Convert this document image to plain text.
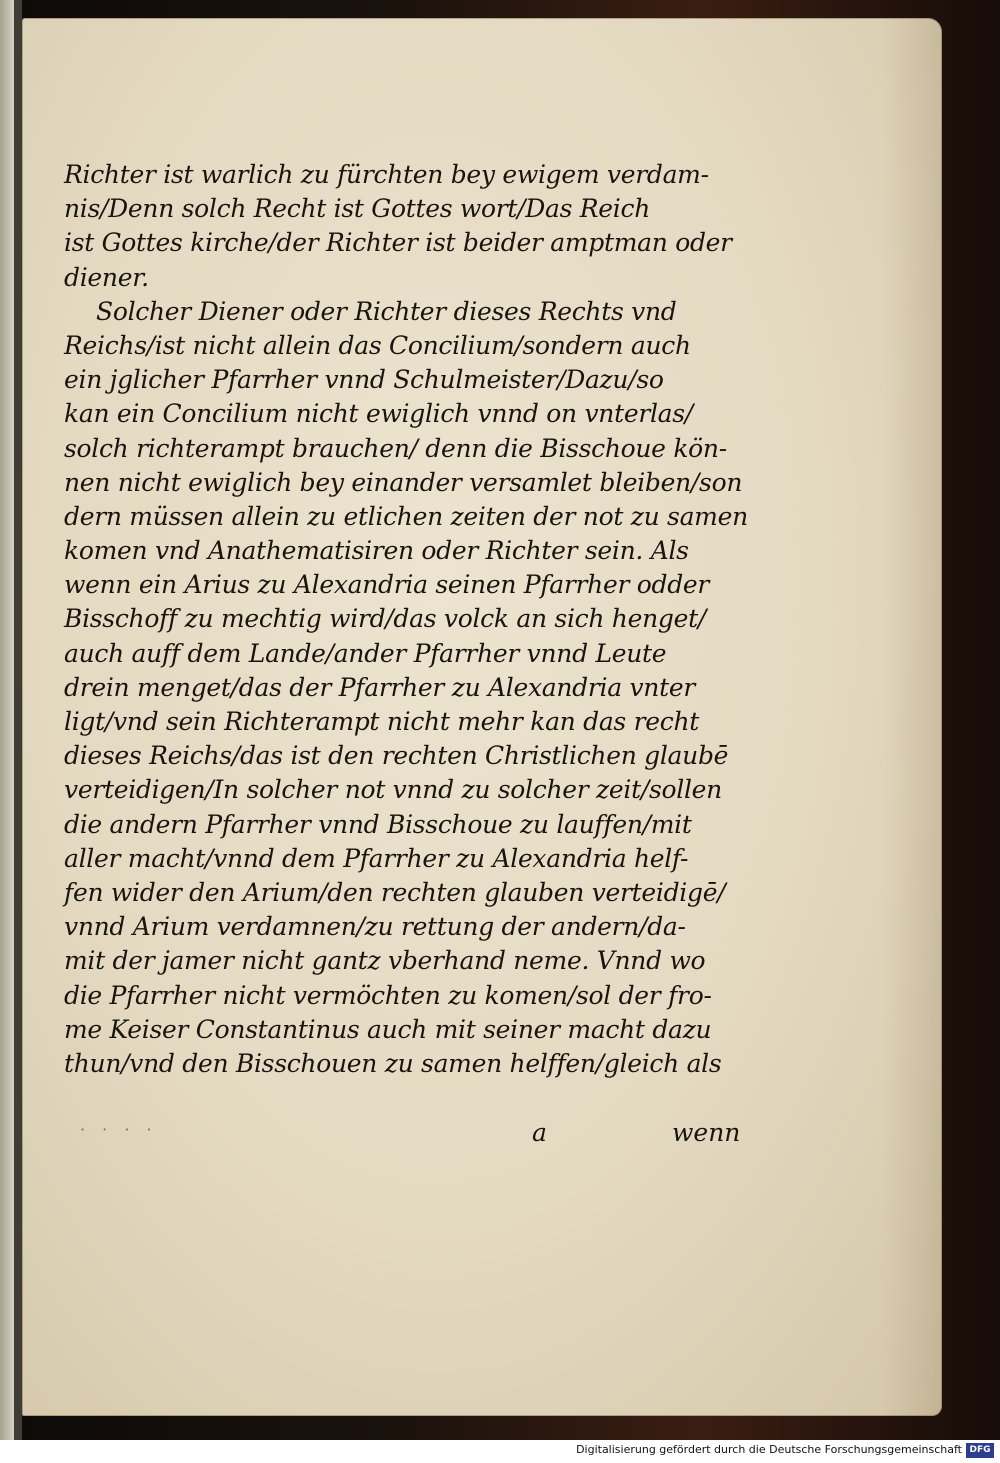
Richter ist warlich zu fürchten bey ewigem verdam-
nis/Denn solch Recht ist Gottes wort/Das Reich
ist Gottes kirche/der Richter ist beider amptman oder
diener.
Solcher Diener oder Richter dieses Rechts vnd
Reichs/ist nicht allein das Concilium/sondern auch
ein jglicher Pfarrher vnnd Schulmeister/Dazu/so
kan ein Concilium nicht ewiglich vnnd on vnterlas/
solch richterampt brauchen/ denn die Bisschoue kön-
nen nicht ewiglich bey einander versamlet bleiben/son
dern müssen allein zu etlichen zeiten der not zu samen
komen vnd Anathematisiren oder Richter sein. Als
wenn ein Arius zu Alexandria seinen Pfarrher odder
Bisschoff zu mechtig wird/das volck an sich henget/
auch auff dem Lande/ander Pfarrher vnnd Leute
drein menget/das der Pfarrher zu Alexandria vnter
ligt/vnd sein Richterampt nicht mehr kan das recht
dieses Reichs/das ist den rechten Christlichen glaubē
verteidigen/In solcher not vnnd zu solcher zeit/sollen
die andern Pfarrher vnnd Bisschoue zu lauffen/mit
aller macht/vnnd dem Pfarrher zu Alexandria helf-
fen wider den Arium/den rechten glauben verteidigē/
vnnd Arium verdamnen/zu rettung der andern/da-
mit der jamer nicht gantz vberhand neme. Vnnd wo
die Pfarrher nicht vermöchten zu komen/sol der fro-
me Keiser Constantinus auch mit seiner macht dazu
thun/vnd den Bisschouen zu samen helffen/gleich als
· · · ·	a	wenn
Digitalisierung gefördert durch die Deutsche Forschungsgemeinschaft DFG
